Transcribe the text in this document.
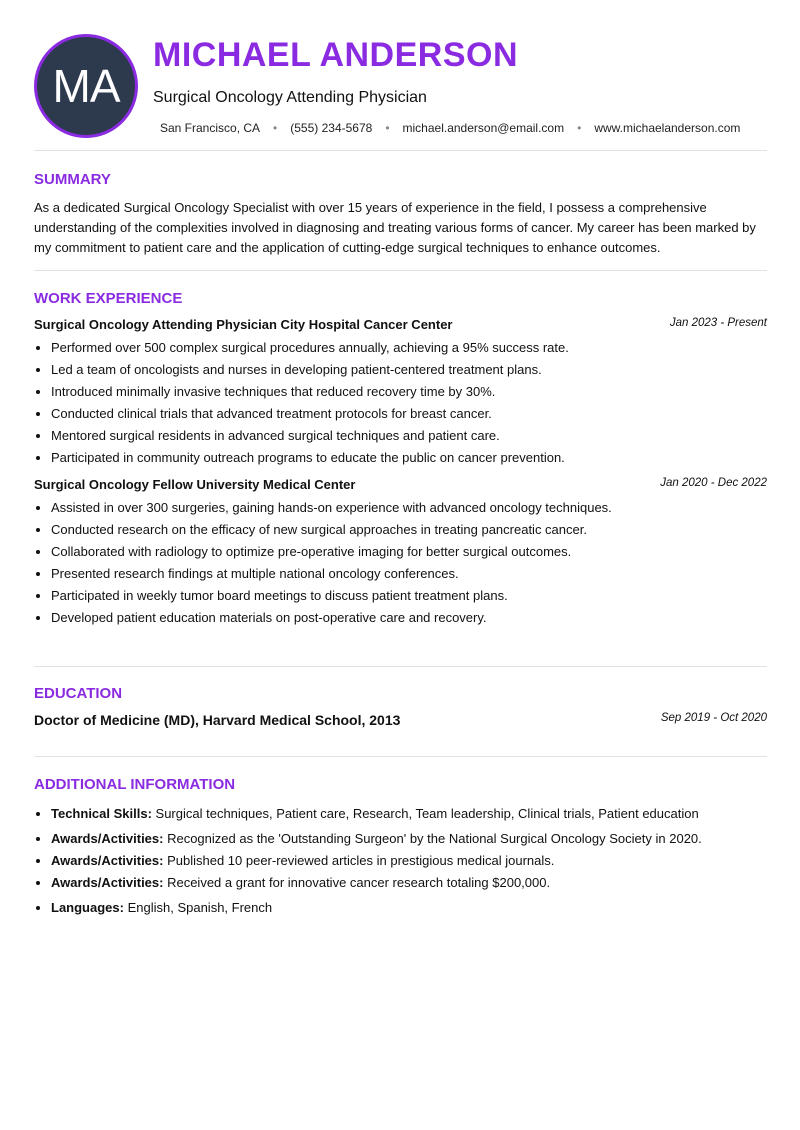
MA
MICHAEL ANDERSON
Surgical Oncology Attending Physician
San Francisco, CA • (555) 234-5678 • michael.anderson@email.com • www.michaelanderson.com
SUMMARY

As a dedicated Surgical Oncology Specialist with over 15 years of experience in the field, I possess a comprehensive understanding of the complexities involved in diagnosing and treating various forms of cancer. My career has been marked by my commitment to patient care and the application of cutting-edge surgical techniques to enhance outcomes.

WORK EXPERIENCE
Surgical Oncology Attending Physician City Hospital Cancer Center	Jan 2023 - Present
• Performed over 500 complex surgical procedures annually, achieving a 95% success rate.
• Led a team of oncologists and nurses in developing patient-centered treatment plans.
• Introduced minimally invasive techniques that reduced recovery time by 30%.
• Conducted clinical trials that advanced treatment protocols for breast cancer.
• Mentored surgical residents in advanced surgical techniques and patient care.
• Participated in community outreach programs to educate the public on cancer prevention.
Surgical Oncology Fellow University Medical Center	Jan 2020 - Dec 2022
• Assisted in over 300 surgeries, gaining hands-on experience with advanced oncology techniques.
• Conducted research on the efficacy of new surgical approaches in treating pancreatic cancer.
• Collaborated with radiology to optimize pre-operative imaging for better surgical outcomes.
• Presented research findings at multiple national oncology conferences.
• Participated in weekly tumor board meetings to discuss patient treatment plans.
• Developed patient education materials on post-operative care and recovery.
EDUCATION
Doctor of Medicine (MD), Harvard Medical School, 2013	Sep 2019 - Oct 2020
ADDITIONAL INFORMATION
• Technical Skills: Surgical techniques, Patient care, Research, Team leadership, Clinical trials, Patient education
• Awards/Activities: Recognized as the 'Outstanding Surgeon' by the National Surgical Oncology Society in 2020.
• Awards/Activities: Published 10 peer-reviewed articles in prestigious medical journals.
• Awards/Activities: Received a grant for innovative cancer research totaling $200,000.
• Languages: English, Spanish, French
